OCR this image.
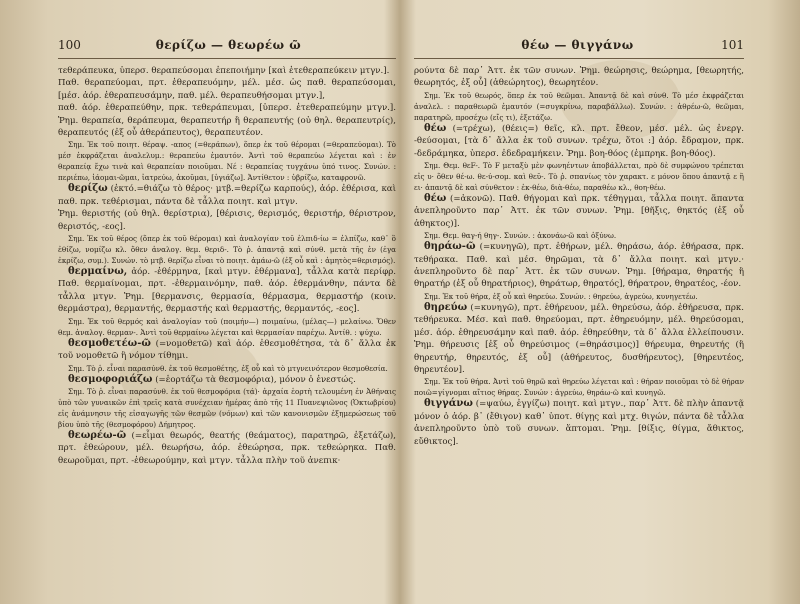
100	θερίζω — θεωρέω ῶ

τεθεράπευκα, ὑπερσ. θεραπεύσομαι ἐπεποιήμην [καὶ ἐτεθεραπεύκειν μτγν.].

Παθ. θεραπεύομαι, πρτ. ἐθεραπευόμην, μέλ. μέσ. ὡς παθ. θεραπεύσομαι, [μέσ. ἀόρ. ἐθεραπευσάμην, παθ. μέλ. θεραπευθήσομαι μτγν.],

παθ. ἀόρ. ἐθεραπεύθην, πρκ. τεθεράπευμαι, [ὑπερσ. ἐτεθεραπεύμην μτγν.]. Ῥημ. θεραπεία, θεράπευμα, θεραπευτήρ ἢ θεραπευτής (οὐ θηλ. θεραπευτρίς), θεραπευτός (ἐξ οὗ ἀθεράπευτος), θεραπευτέον.

Σημ. Ἐκ τοῦ ποιητ. θέραψ. -απος (=θεράπων), ὅπερ ἐκ τοῦ θέρομαι (=θεραπεύομαι). Τὸ μέσ ἐκφράζεται ἀναλελυμ.: θεραπεύω ἐμαυτόν. Ἀντὶ τοῦ θεραπεύω λέγεται καὶ : ἐν θεραπείᾳ ἔχω τινὰ καὶ θεραπείαν ποιοῦμαι. Νέ : θεραπείας τυγχάνω ὑπό τινος. Συνών. : περιέπω, ἰάομαι-ῶμαι, ἰατρεύω, ἀκοῦμαι, [ὑγιάζω]. Ἀντίθετον : ὑβρίζω, καταφρονῶ.

θερίζω (ἐκτό.=θιάζω τὸ θέρος· μτβ.=θερίζω καρπούς), ἀόρ. ἐθέρισα, καὶ παθ. πρκ. τεθέρισμαι, πάντα δὲ τἆλλα ποιητ. καὶ μτγν.

Ῥημ. θεριστής (οὐ θηλ. θερίστρια), [θέρισις, θερισμός, θεριστήρ, θέριστρον, θεριστός, -εος].

Σημ. Ἐκ τοῦ θέρος (ὅπερ ἐκ τοῦ θέρομαι) καὶ ἀναλογίαν τοῦ ἐλπιδ-ίω = ἐλπίζω, καθ᾽ ὃ ἐθίζω, νομίζω κλ. ὅθεν ἀναλογ. θεμ. θεριδ-. Τὸ ῥ. ἀπαντᾷ καὶ σύνθ. μετὰ τῆς ἐν (ἐγα ἐκρίζω, συμ.). Συνών. τὸ μτβ. θερίζω εἶναι τὸ ποιητ. ἀμάω-ῶ (ἐξ οὗ καὶ : ἀμητὸς=θερισμός).

θερμαίνω, ἀόρ. -ἐθέρμηνα, [καὶ μτγν. ἐθέρμανα], τἆλλα κατὰ περίφρ. Παθ. θερμαίνομαι, πρτ. -ἐθερμαινόμην, παθ. ἀόρ. ἐθερμάνθην, πάντα δὲ τἆλλα μτγν. Ῥημ. [θερμανσις, θερμασία, θέρμασμα, θερμαστήρ (κοιν. θερμάστρα), θερμαντής, θερμαστής καὶ θερμαστής, θερμαντός, -εος].

Σημ. Ἐκ τοῦ θερμός καὶ ἀναλογίαν τοῦ (ποιμήν—) ποιμαίνω, (μέλας—) μελαίνω. Ὅθεν θεμ. ἀναλογ. θερμαν-. Ἀντὶ τοῦ θερμαίνω λέγεται καὶ θερμασίαν παρέχω. Ἀντίθ. : ψύχω.

θεσμοθετέω-ῶ (=νομοθετῶ) καὶ ἀόρ. ἐθεσμοθέτησα, τὰ δ᾽ ἄλλα ἐκ τοῦ νομοθετῶ ἢ νόμον τίθημι.

Σημ. Τὸ ῥ. εἶναι παρασύνθ. ἐκ τοῦ θεσμοθέτης, ἐξ οὗ καὶ τὸ μτγνεινότερον θεσμοθεσία.

θεσμοφοριάζω (=ἑορτάζω τὰ θεσμοφόρια), μόνον ὁ ἐνεστώς.

Σημ. Τὸ ῥ. εἶναι παρασύνθ. ἐκ τοῦ θεσμοφόρια (τά)· ἀρχαία ἑορτὴ τελουμένη ἐν Ἀθήναις ὑπὸ τῶν γυναικῶν ἐπὶ τρεῖς κατὰ συνέχειαν ἡμέρας ἀπὸ τῆς 11 Πυανεψιῶνος (Ὀκτωβρίου) εἰς ἀνάμνησιν τῆς εἰσαγωγῆς τῶν θεσμῶν (νόμων) καὶ τῶν κανονισμῶν ἐξημερώσεως τοῦ βίου ὑπὸ τῆς (θεσμοφόρου) Δήμητρος.

θεωρέω-ῶ (=εἶμαι θεωρός, θεατής (θεάματος), παρατηρῶ, ἐξετάζω), πρτ. ἐθεώρουν, μέλ. θεωρήσω, ἀόρ. ἐθεώρησα, πρκ. τεθεώρηκα. Παθ. θεωροῦμαι, πρτ. -ἐθεωρούμην, καὶ μτγν. τἆλλα πλὴν τοῦ ἀνεπικ·

θέω — θιγγάνω	101

ρούντα δὲ παρ᾽ Ἀττ. ἐκ τῶν συνων. Ῥημ. θεώρησις, θεώρημα, [θεωρητής, θεωρητός, ἐξ οὗ] (ἀθεώρητος), θεωρητέον.

Σημ. Ἐκ τοῦ θεωρός, ὅπερ ἐκ τοῦ θεῶμαι. Ἀπαντᾷ δὲ καὶ σύνθ. Τὸ μέσ ἐκφράζεται ἀναλελ. : παραθεωρῶ ἐμαυτόν (=συγκρίνω, παραβάλλω). Συνών. : ἀθρέω-ῶ, θεῶμαι, παρατηρῶ, προσέχω (εἴς τι), ἐξετάζω.

θέω (=τρέχω), (θέεις=) θεῖς, κλ. πρτ. ἔθεον, μέσ. μέλ. ὡς ἐνεργ. -θεύσομαι, [τὰ δ᾽ ἄλλα ἐκ τοῦ συνων. τρέχω, ὅτοι :] ἀόρ. ἔδραμον, πρκ. -δεδράμηκα, ὑπερσ. ἐδεδραμήκειν. Ῥημ. βοη-θόος (ἐμπρηκ. βοη-θόος).

Σημ. Θεμ. θεF-. Τὸ F μεταξὺ μὲν φωνηέντων ἀποβάλλεται, πρὸ δὲ συμφώνου τρέπεται εἰς υ· ὅθεν θέ-ω. θε-ύ-σομ. καὶ θεῦ-. Τὸ ῥ. σπανίως τὸν χαρακτ. ε μόνον ὅπου ἀπαντᾷ ε ἢ ει· ἀπαντᾷ δὲ καὶ σύνθετον : ἐκ-θέω, διὰ-θέω, παραθέω κλ., θοη-θέω.

θέω (=ἀκονῶ). Παθ. θήγομαι καὶ πρκ. τέθηγμαι, τἆλλα ποιητ. ἅπαντα ἀνεπληροῦντο παρ᾽ Ἀττ. ἐκ τῶν συνων. Ῥημ. [θῆξις, θηκτός (ἐξ οὗ ἀθηκτος)].

Σημ. Θεμ. θαγ-ή θηγ-. Συνών. : ἀκονάω-ῶ καὶ ὀξύνω.

θηράω-ῶ (=κυνηγῶ), πρτ. ἐθήρων, μέλ. θηράσω, ἀόρ. ἐθήρασα, πρκ. τεθήρακα. Παθ. καὶ μέσ. θηρῶμαι, τὰ δ᾽ ἄλλα ποιητ. καὶ μτγν.· ἀνεπληροῦντο δὲ παρ᾽ Ἀττ. ἐκ τῶν συνων. Ῥημ. [θήραμα, θηρατής ἢ θηρατήρ (ἐξ οὗ θηρατήριος), θηράτωρ, θηρατός], θήρατρον, θηρατέος, -έον.

Σημ. Ἐκ τοῦ θήρα, ἐξ οὗ καὶ θηρεύω. Συνών. : θηρεύω, ἀγρεύω, κυνηγετέω.

θηρεύω (=κυνηγῶ), πρτ. ἐθήρευον, μέλ. θηρεύσω, ἀόρ. ἐθήρευσα, πρκ. τεθήρευκα. Μέσ. καὶ παθ. θηρεύομαι, πρτ. ἐθηρευόμην, μέλ. θηρεύσομαι, μέσ. ἀόρ. ἐθηρευσάμην καὶ παθ. ἀόρ. ἐθηρεύθην, τὰ δ᾽ ἄλλα ἐλλείπουσιν. Ῥημ. θήρευσις [ἐξ οὗ θηρεύσιμος (=θηράσιμος)] θήρευμα, θηρευτής (ἢ θηρευτήρ, θηρευτός, ἐξ οὗ] (ἀθήρευτος, δυσθήρευτος), [θηρευτέος, θηρευτέον].

Σημ. Ἐκ τοῦ θήρα. Ἀντὶ τοῦ θηρῶ καὶ θηρεύω λέγεται καὶ : θήραν ποιοῦμαι τὸ δὲ θήραν ποιῶ=γίγνομαι αἴτιος θήρας. Συνών : ἀγρεύω, θηράω-ῶ καὶ κυνηγῶ.

θιγγάνω (=ψαύω, ἐγγίζω) ποιητ. καὶ μτγν., παρ᾽ Ἀττ. δὲ πλὴν ἀπαντᾷ μόνον ὁ ἀόρ. β᾽ (ἔθιγον) καθ᾽ ὑποτ. θίγῃς καὶ μτχ. θιγών, πάντα δὲ τἆλλα ἀνεπληροῦντο ὑπὸ τοῦ συνων. ἅπτομαι. Ῥημ. [θίξις, θίγμα, ἄθικτος, εὔθικτος].
